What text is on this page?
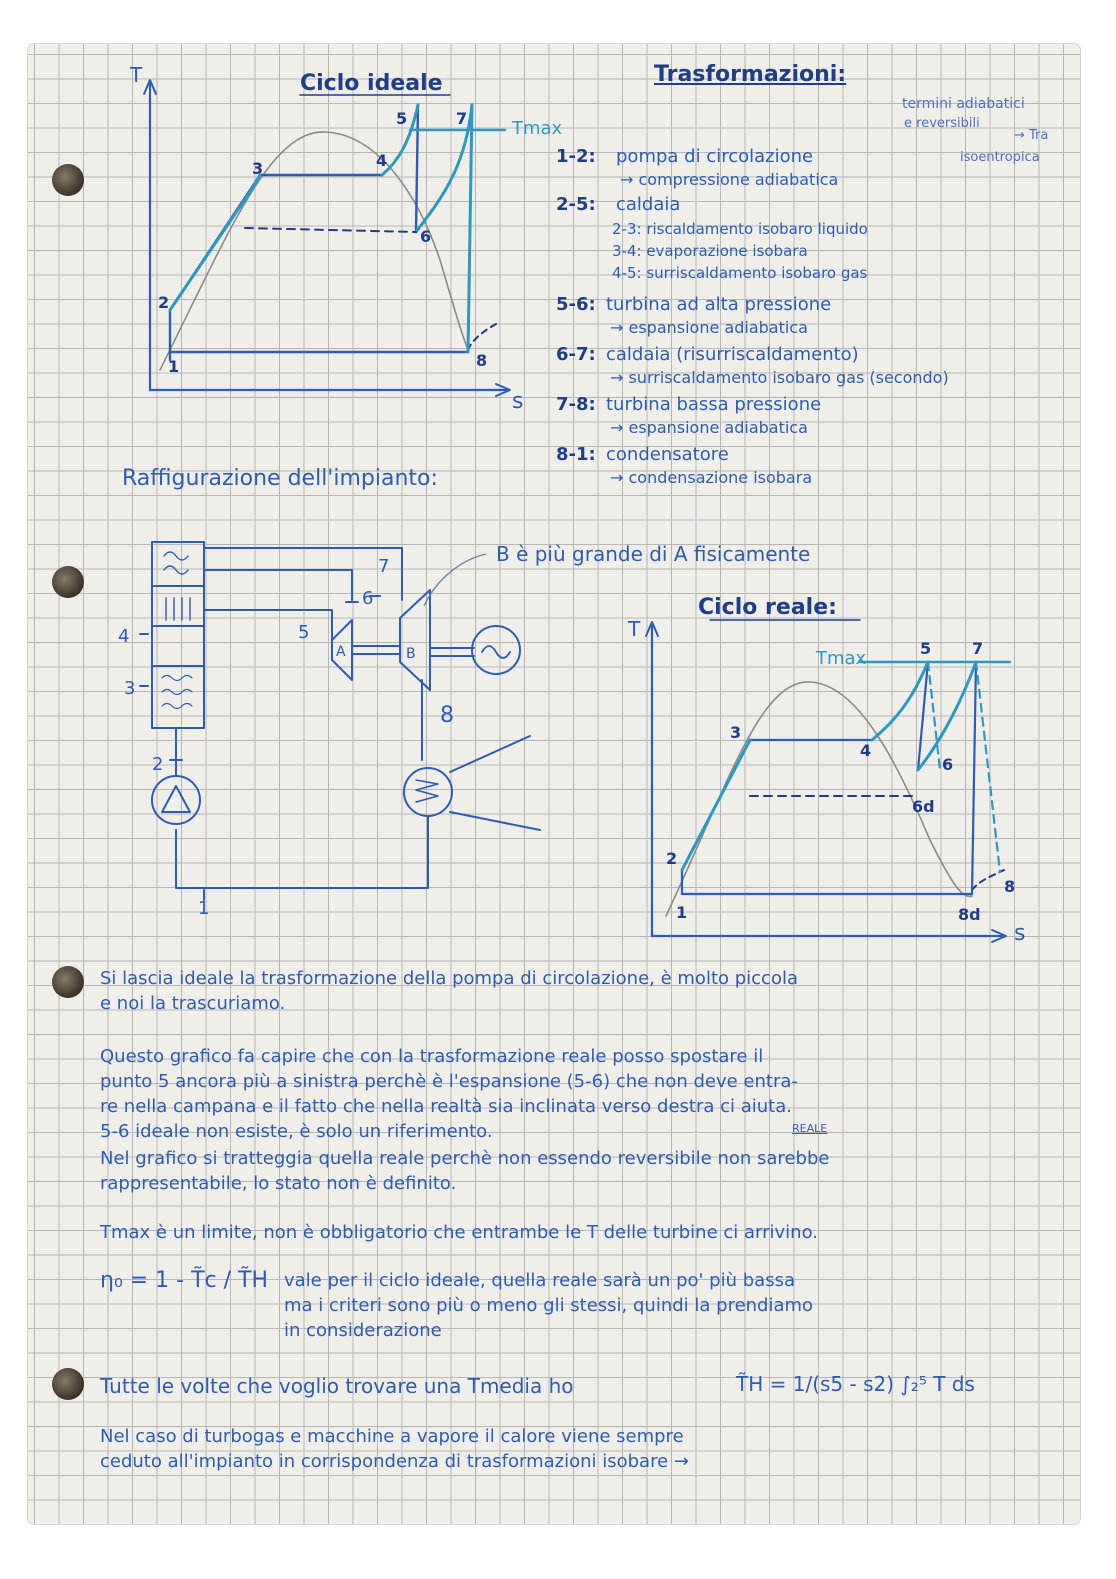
Ciclo ideale
T
s
Tmax
1
2
3	4
5
6
7
8
Trasformazioni:
termini adiabatici
e reversibili
→ Tra
isoentropica
1-2: pompa di circolazione
→ compressione adiabatica
2-5: caldaia
2-3: riscaldamento isobaro liquido
3-4: evaporazione isobara
4-5: surriscaldamento isobaro gas
5-6: turbina ad alta pressione
→ espansione adiabatica
6-7: caldaia (risurriscaldamento)
→ surriscaldamento isobaro gas (secondo)
7-8: turbina bassa pressione
→ espansione adiabatica
8-1: condensatore
→ condensazione isobara
Raffigurazione dell'impianto:
B è più grande di A fisicamente
1
2
3
4	5
6
7
8
A	B
Ciclo reale:
T
s
Tmax
1
2
3
4
5
6
6d
7
8
8d
Si lascia ideale la trasformazione della pompa di circolazione, è molto piccola
e noi la trascuriamo.
Questo grafico fa capire che con la trasformazione reale posso spostare il
punto 5 ancora più a sinistra perchè è l'espansione (5-6) che non deve entra-
re nella campana e il fatto che nella realtà sia inclinata verso destra ci aiuta.
5-6 ideale non esiste, è solo un riferimento.	REALE
Nel grafico si tratteggia quella reale perchè non essendo reversibile non sarebbe
rappresentabile, lo stato non è definito.
Tmax è un limite, non è obbligatorio che entrambe le T delle turbine ci arrivino.
η₀ = 1 - T̃c / T̃H vale per il ciclo ideale, quella reale sarà un po' più bassa
ma i criteri sono più o meno gli stessi, quindi la prendiamo
in considerazione
Tutte le volte che voglio trovare una Tmedia ho	T̃H = 1/(s5 - s2) ∫₂⁵ T ds
Nel caso di turbogas e macchine a vapore il calore viene sempre
ceduto all'impianto in corrispondenza di trasformazioni isobare →
